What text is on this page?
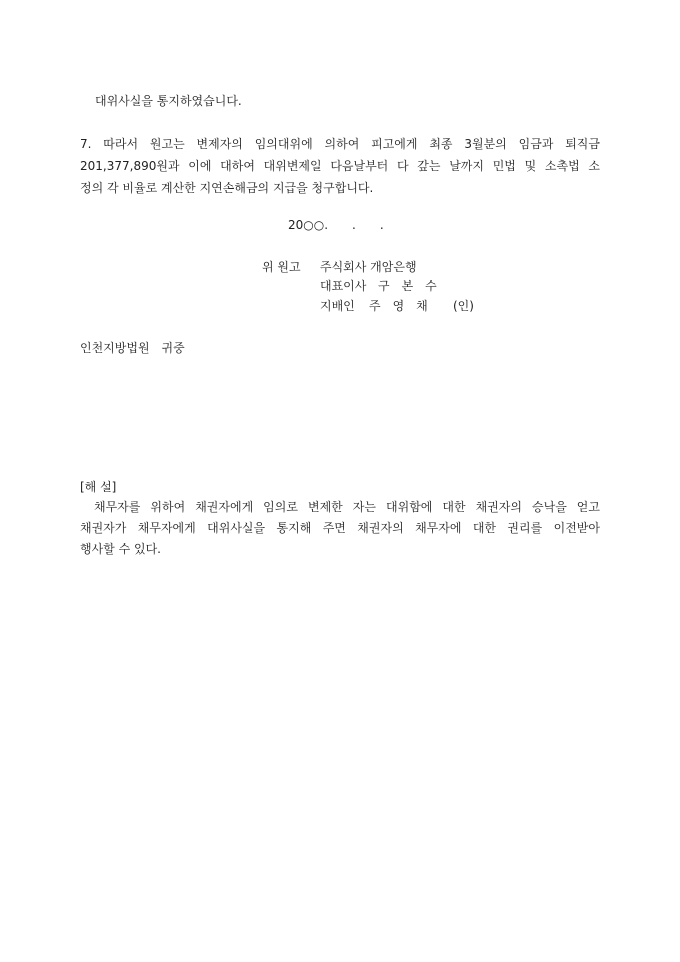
대위사실을 통지하였습니다.
7. 따라서 원고는 변제자의 임의대위에 의하여 피고에게 최종 3월분의 임금과 퇴직금
201,377,890원과 이에 대하여 대위변제일 다음날부터 다 갚는 날까지 민법 및 소촉법 소
정의 각 비율로 계산한 지연손해금의 지급을 청구합니다.
20○○.　　.　　.
위 원고 주식회사 개암은행
대표이사 구　본　수
지배인 주　영　채 (인)
인천지방법원　귀중
[해 설]
채무자를 위하여 채권자에게 임의로 변제한 자는 대위함에 대한 채권자의 승낙을 얻고
채권자가 채무자에게 대위사실을 통지해 주면 채권자의 채무자에 대한 권리를 이전받아
행사할 수 있다.
